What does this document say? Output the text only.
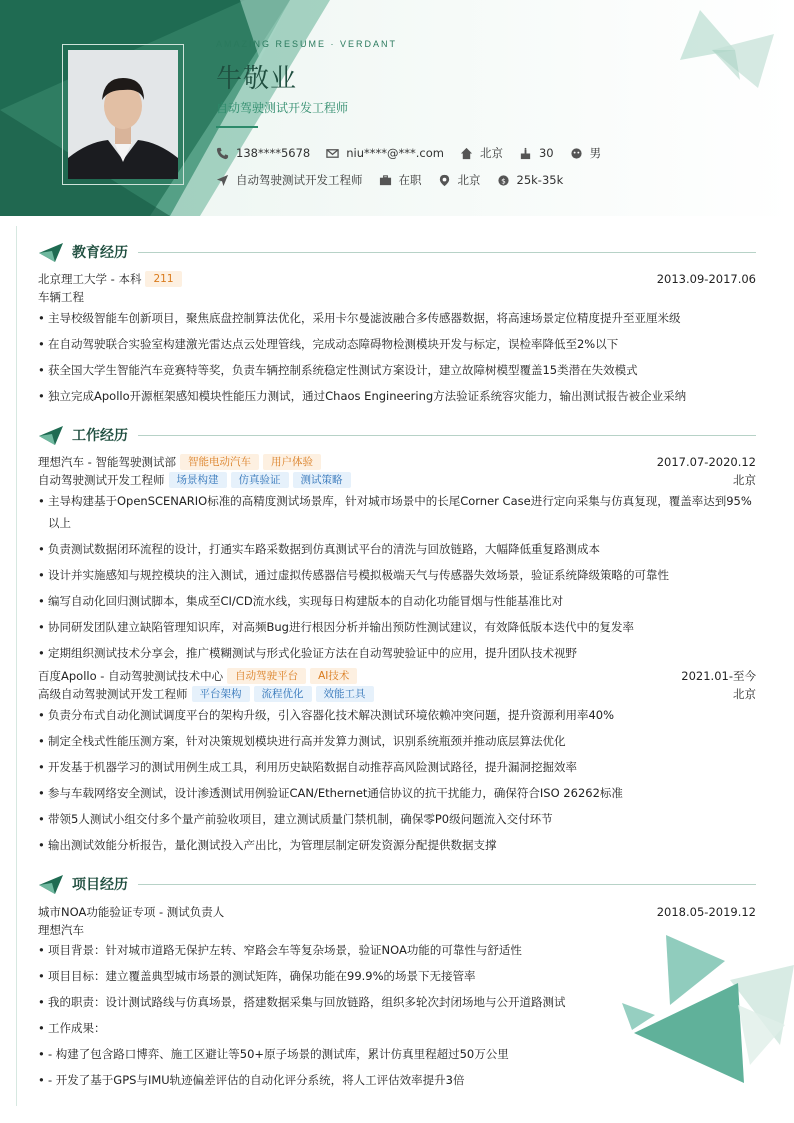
AMAZING RESUME · VERDANT
牛敬业
自动驾驶测试开发工程师
138****5678	niu****@***.com	北京	30	男
自动驾驶测试开发工程师	在职	北京	$ 25k-35k
教育经历
北京理工大学 - 本科	211	2013.09-2017.06
车辆工程
• 主导校级智能车创新项目，聚焦底盘控制算法优化，采用卡尔曼滤波融合多传感器数据，将高速场景定位精度提升至亚厘米级
• 在自动驾驶联合实验室构建激光雷达点云处理管线，完成动态障碍物检测模块开发与标定，误检率降低至2%以下
• 获全国大学生智能汽车竞赛特等奖，负责车辆控制系统稳定性测试方案设计，建立故障树模型覆盖15类潜在失效模式
• 独立完成Apollo开源框架感知模块性能压力测试，通过Chaos Engineering方法验证系统容灾能力，输出测试报告被企业采纳
工作经历
理想汽车 - 智能驾驶测试部	智能电动汽车	用户体验	2017.07-2020.12
自动驾驶测试开发工程师	场景构建	仿真验证	测试策略	北京
• 主导构建基于OpenSCENARIO标准的高精度测试场景库，针对城市场景中的长尾Corner Case进行定向采集与仿真复现，覆盖率达到95%以上
• 负责测试数据闭环流程的设计，打通实车路采数据到仿真测试平台的清洗与回放链路，大幅降低重复路测成本
• 设计并实施感知与规控模块的注入测试，通过虚拟传感器信号模拟极端天气与传感器失效场景，验证系统降级策略的可靠性
• 编写自动化回归测试脚本，集成至CI/CD流水线，实现每日构建版本的自动化功能冒烟与性能基准比对
• 协同研发团队建立缺陷管理知识库，对高频Bug进行根因分析并输出预防性测试建议，有效降低版本迭代中的复发率
• 定期组织测试技术分享会，推广模糊测试与形式化验证方法在自动驾驶验证中的应用，提升团队技术视野
百度Apollo - 自动驾驶测试技术中心	自动驾驶平台	AI技术	2021.01-至今
高级自动驾驶测试开发工程师	平台架构	流程优化	效能工具	北京
• 负责分布式自动化测试调度平台的架构升级，引入容器化技术解决测试环境依赖冲突问题，提升资源利用率40%
• 制定全栈式性能压测方案，针对决策规划模块进行高并发算力测试，识别系统瓶颈并推动底层算法优化
• 开发基于机器学习的测试用例生成工具，利用历史缺陷数据自动推荐高风险测试路径，提升漏洞挖掘效率
• 参与车载网络安全测试，设计渗透测试用例验证CAN/Ethernet通信协议的抗干扰能力，确保符合ISO 26262标准
• 带领5人测试小组交付多个量产前验收项目，建立测试质量门禁机制，确保零P0级问题流入交付环节
• 输出测试效能分析报告，量化测试投入产出比，为管理层制定研发资源分配提供数据支撑
项目经历
城市NOA功能验证专项 - 测试负责人	2018.05-2019.12
理想汽车
• 项目背景：针对城市道路无保护左转、窄路会车等复杂场景，验证NOA功能的可靠性与舒适性
• 项目目标：建立覆盖典型城市场景的测试矩阵，确保功能在99.9%的场景下无接管率
• 我的职责：设计测试路线与仿真场景，搭建数据采集与回放链路，组织多轮次封闭场地与公开道路测试
• 工作成果：
• - 构建了包含路口博弈、施工区避让等50+原子场景的测试库，累计仿真里程超过50万公里
• - 开发了基于GPS与IMU轨迹偏差评估的自动化评分系统，将人工评估效率提升3倍
